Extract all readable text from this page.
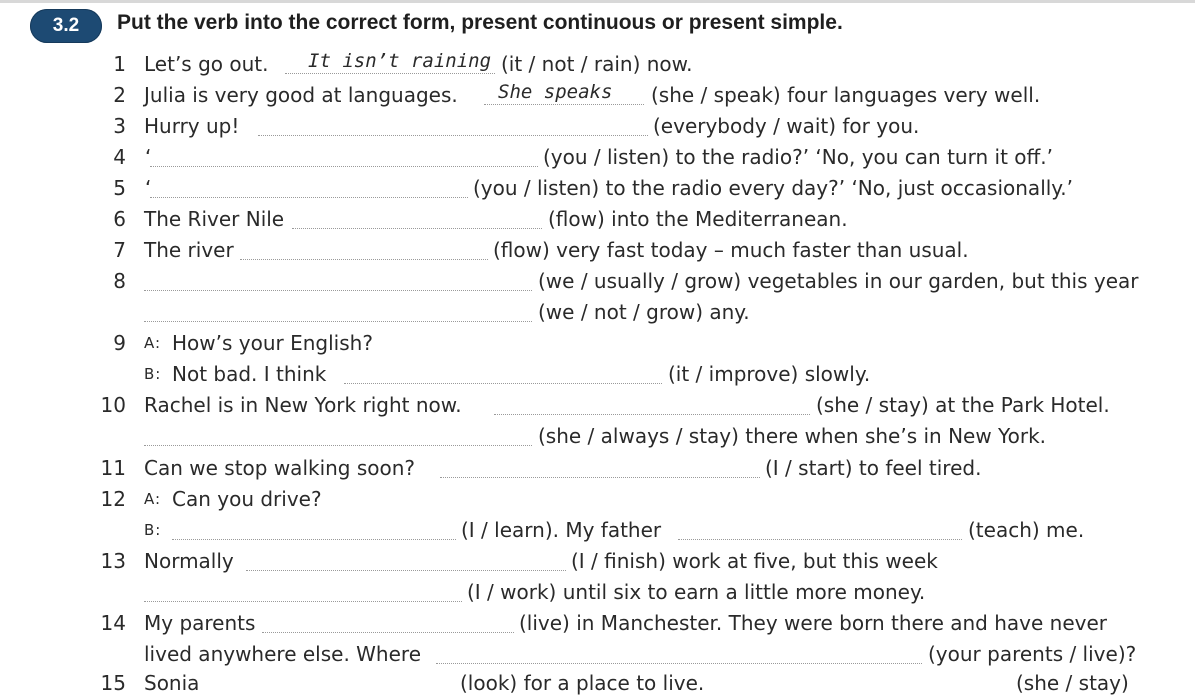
3.2	Put the verb into the correct form, present continuous or present simple.
1 Let’s go out. It isn’t raining (it / not / rain) now.
2 Julia is very good at languages. She speaks (she / speak) four languages very well.
3 Hurry up!	(everybody / wait) for you.
4 ‘	(you / listen) to the radio?’ ‘No, you can turn it off.’
5 ‘	(you / listen) to the radio every day?’ ‘No, just occasionally.’
6 The River Nile	(flow) into the Mediterranean.
7 The river	(flow) very fast today – much faster than usual.
8	(we / usually / grow) vegetables in our garden, but this year
(we / not / grow) any.
9 A: How’s your English?
B: Not bad. I think	(it / improve) slowly.
10 Rachel is in New York right now.	(she / stay) at the Park Hotel.
(she / always / stay) there when she’s in New York.
11 Can we stop walking soon?	(I / start) to feel tired.
12 A: Can you drive?
B:	(I / learn). My father	(teach) me.
13 Normally	(I / finish) work at five, but this week
(I / work) until six to earn a little more money.
14 My parents	(live) in Manchester. They were born there and have never
lived anywhere else. Where	(your parents / live)?
15 Sonia	(look) for a place to live.	(she / stay)
